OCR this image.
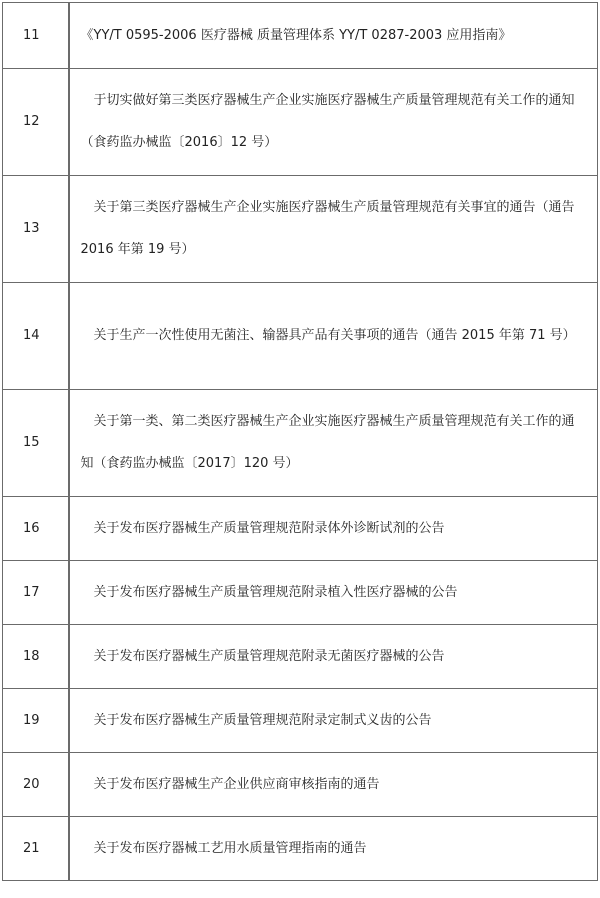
11	《YY/T 0595-2006 医疗器械 质量管理体系 YY/T 0287-2003 应用指南》
12	于切实做好第三类医疗器械生产企业实施医疗器械生产质量管理规范有关工作的通知（食药监办械监〔2016〕12 号）

13	关于第三类医疗器械生产企业实施医疗器械生产质量管理规范有关事宜的通告（通告 2016 年第 19 号）

14	关于生产一次性使用无菌注、输器具产品有关事项的通告（通告 2015 年第 71 号）

15	关于第一类、第二类医疗器械生产企业实施医疗器械生产质量管理规范有关工作的通知（食药监办械监〔2017〕120 号）

16	关于发布医疗器械生产质量管理规范附录体外诊断试剂的公告

17	关于发布医疗器械生产质量管理规范附录植入性医疗器械的公告

18	关于发布医疗器械生产质量管理规范附录无菌医疗器械的公告

19	关于发布医疗器械生产质量管理规范附录定制式义齿的公告

20	关于发布医疗器械生产企业供应商审核指南的通告

21	关于发布医疗器械工艺用水质量管理指南的通告
